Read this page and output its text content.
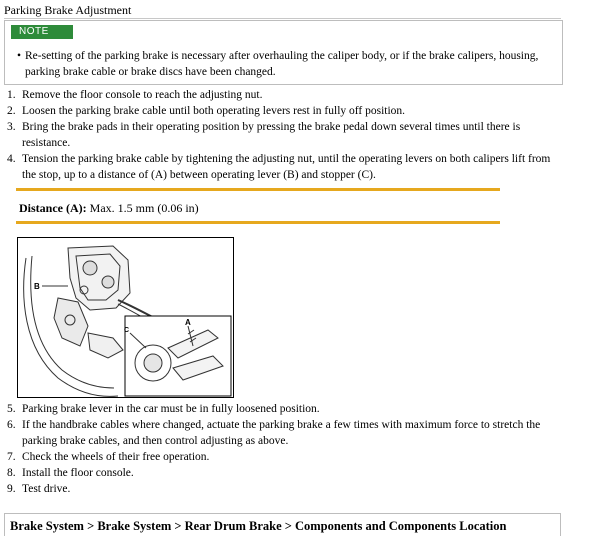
Parking Brake Adjustment
NOTE
• Re-setting of the parking brake is necessary after overhauling the caliper body, or if the brake calipers, housing, parking brake cable or brake discs have been changed.
1. Remove the floor console to reach the adjusting nut.
2. Loosen the parking brake cable until both operating levers rest in fully off position.
3. Bring the brake pads in their operating position by pressing the brake pedal down several times until there is resistance.
4. Tension the parking brake cable by tightening the adjusting nut, until the operating levers on both calipers lift from the stop, up to a distance of (A) between operating lever (B) and stopper (C).
Distance (A): Max. 1.5 mm (0.06 in)
B
A
C
5. Parking brake lever in the car must be in fully loosened position.
6. If the handbrake cables where changed, actuate the parking brake a few times with maximum force to stretch the parking brake cables, and then control adjusting as above.
7. Check the wheels of their free operation.
8. Install the floor console.
9. Test drive.
Brake System > Brake System > Rear Drum Brake > Components and Components Location
